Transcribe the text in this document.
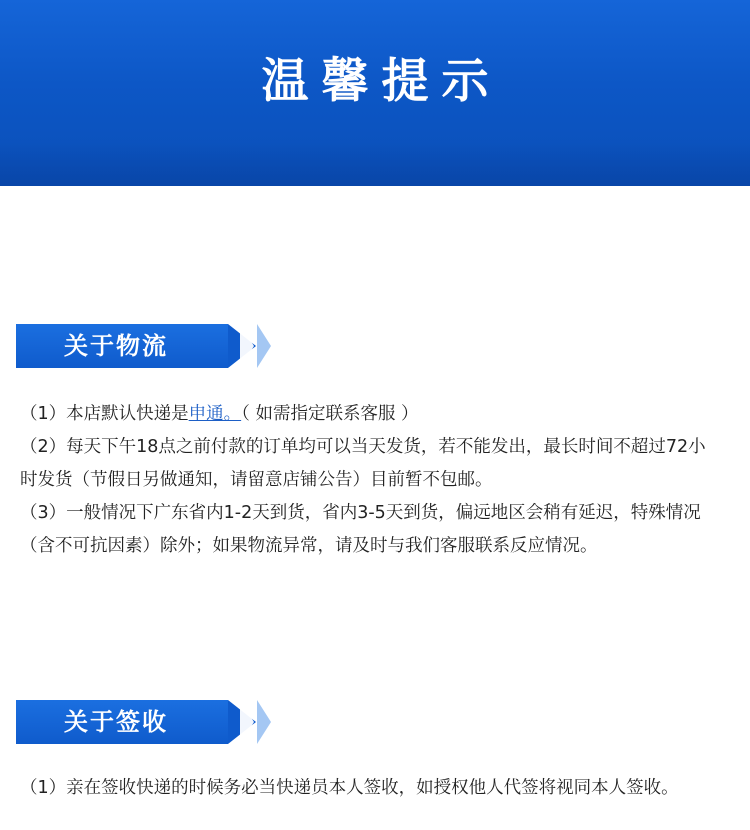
温馨提示
关于物流

（1）本店默认快递是申通。（ 如需指定联系客服 ）

（2）每天下午18点之前付款的订单均可以当天发货，若不能发出，最长时间不超过72小时发货（节假日另做通知，请留意店铺公告）目前暂不包邮。

（3）一般情况下广东省内1-2天到货，省内3-5天到货，偏远地区会稍有延迟，特殊情况（含不可抗因素）除外；如果物流异常，请及时与我们客服联系反应情况。

关于签收

（1）亲在签收快递的时候务必当快递员本人签收，如授权他人代签将视同本人签收。
